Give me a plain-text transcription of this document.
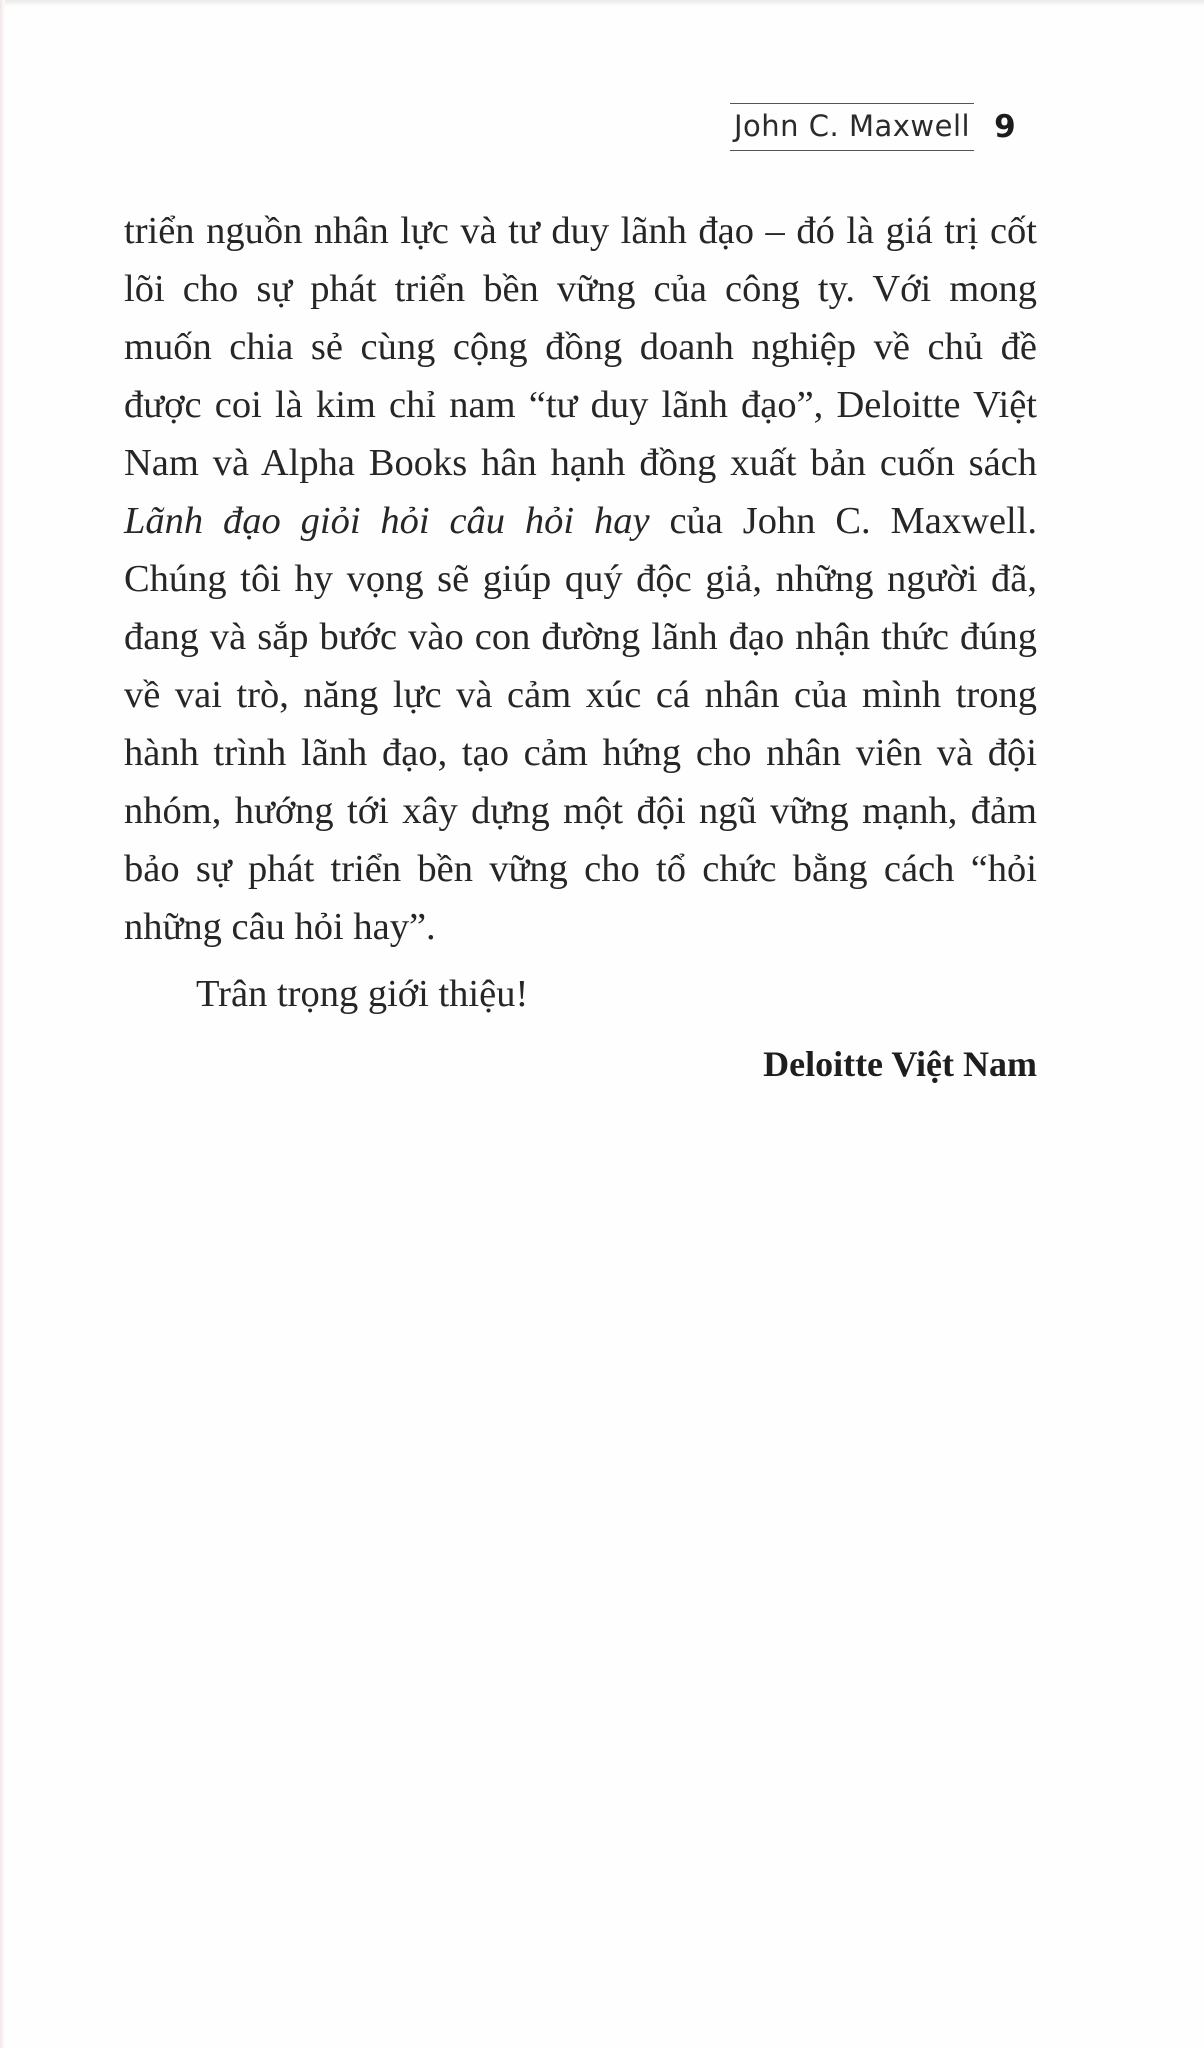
John C. Maxwell 9

triển nguồn nhân lực và tư duy lãnh đạo – đó là giá trị cốt lõi cho sự phát triển bền vững của công ty. Với mong muốn chia sẻ cùng cộng đồng doanh nghiệp về chủ đề được coi là kim chỉ nam “tư duy lãnh đạo”, Deloitte Việt Nam và Alpha Books hân hạnh đồng xuất bản cuốn sách Lãnh đạo giỏi hỏi câu hỏi hay của John C. Maxwell. Chúng tôi hy vọng sẽ giúp quý độc giả, những người đã, đang và sắp bước vào con đường lãnh đạo nhận thức đúng về vai trò, năng lực và cảm xúc cá nhân của mình trong hành trình lãnh đạo, tạo cảm hứng cho nhân viên và đội nhóm, hướng tới xây dựng một đội ngũ vững mạnh, đảm bảo sự phát triển bền vững cho tổ chức bằng cách “hỏi những câu hỏi hay”.

Trân trọng giới thiệu!
Deloitte Việt Nam
